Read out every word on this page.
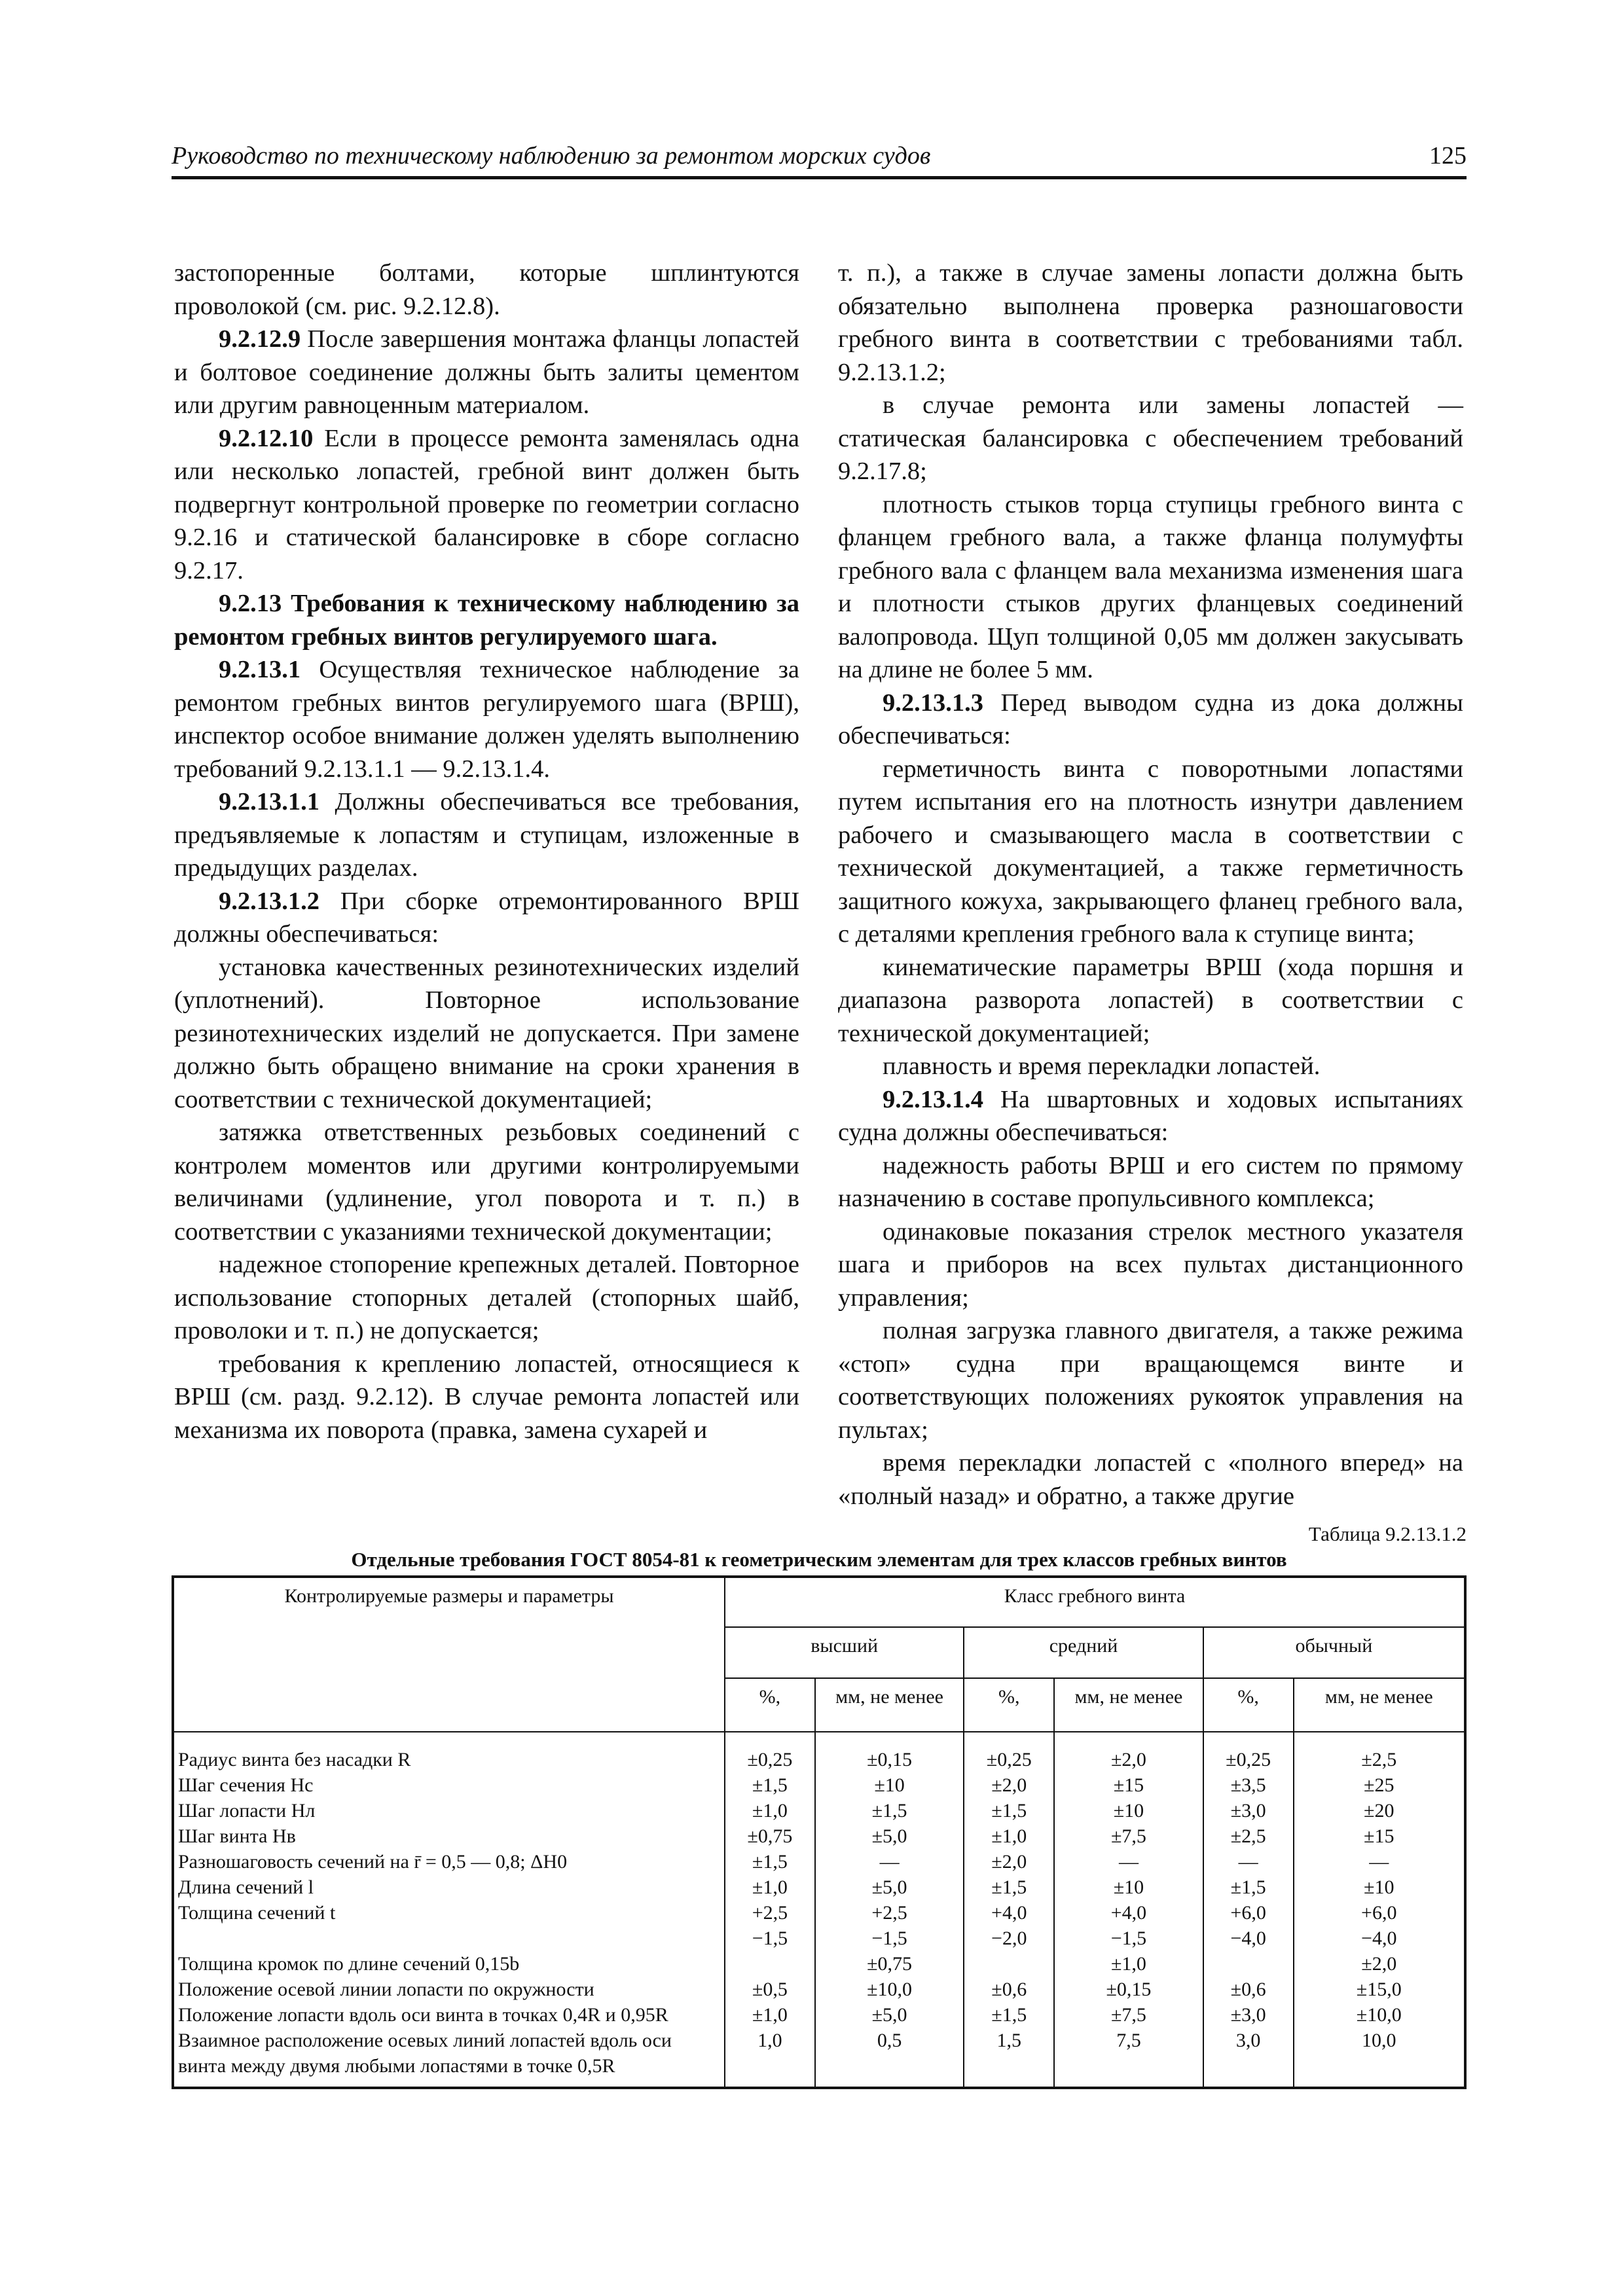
Руководство по техническому наблюдению за ремонтом морских судов	125

застопоренные болтами, которые шплинтуются проволокой (см. рис. 9.2.12.8).

9.2.12.9 После завершения монтажа фланцы лопастей и болтовое соединение должны быть залиты цементом или другим равноценным материалом.

9.2.12.10 Если в процессе ремонта заменялась одна или несколько лопастей, гребной винт должен быть подвергнут контрольной проверке по геометрии согласно 9.2.16 и статической балансировке в сборе согласно 9.2.17.

9.2.13 Требования к техническому наблюдению за ремонтом гребных винтов регулируемого шага.

9.2.13.1 Осуществляя техническое наблюдение за ремонтом гребных винтов регулируемого шага (ВРШ), инспектор особое внимание должен уделять выполнению требований 9.2.13.1.1 — 9.2.13.1.4.

9.2.13.1.1 Должны обеспечиваться все требования, предъявляемые к лопастям и ступицам, изложенные в предыдущих разделах.

9.2.13.1.2 При сборке отремонтированного ВРШ должны обеспечиваться:

установка качественных резинотехнических изделий (уплотнений). Повторное использование резинотехнических изделий не допускается. При замене должно быть обращено внимание на сроки хранения в соответствии с технической документацией;

затяжка ответственных резьбовых соединений с контролем моментов или другими контролируемыми величинами (удлинение, угол поворота и т. п.) в соответствии с указаниями технической документации;

надежное стопорение крепежных деталей. Повторное использование стопорных деталей (стопорных шайб, проволоки и т. п.) не допускается;

требования к креплению лопастей, относящиеся к ВРШ (см. разд. 9.2.12). В случае ремонта лопастей или механизма их поворота (правка, замена сухарей и

т. п.), а также в случае замены лопасти должна быть обязательно выполнена проверка разношаговости гребного винта в соответствии с требованиями табл. 9.2.13.1.2;

в случае ремонта или замены лопастей — статическая балансировка с обеспечением требований 9.2.17.8;

плотность стыков торца ступицы гребного винта с фланцем гребного вала, а также фланца полумуфты гребного вала с фланцем вала механизма изменения шага и плотности стыков других фланцевых соединений валопровода. Щуп толщиной 0,05 мм должен закусывать на длине не более 5 мм.

9.2.13.1.3 Перед выводом судна из дока должны обеспечиваться:

герметичность винта с поворотными лопастями путем испытания его на плотность изнутри давлением рабочего и смазывающего масла в соответствии с технической документацией, а также герметичность защитного кожуха, закрывающего фланец гребного вала, с деталями крепления гребного вала к ступице винта;

кинематические параметры ВРШ (хода поршня и диапазона разворота лопастей) в соответствии с технической документацией;

плавность и время перекладки лопастей.

9.2.13.1.4 На швартовных и ходовых испытаниях судна должны обеспечиваться:

надежность работы ВРШ и его систем по прямому назначению в составе пропульсивного комплекса;

одинаковые показания стрелок местного указателя шага и приборов на всех пультах дистанционного управления;

полная загрузка главного двигателя, а также режима «стоп» судна при вращающемся винте и соответствующих положениях рукояток управления на пультах;

время перекладки лопастей с «полного вперед» на «полный назад» и обратно, а также другие

Таблица 9.2.13.1.2
Отдельные требования ГОСТ 8054-81 к геометрическим элементам для трех классов гребных винтов
Контролируемые размеры и параметры	Класс гребного винта					
	высший		средний		обычный	
	%,	мм, не менее	%,	мм, не менее	%,	мм, не менее
Радиус винта без насадки R	±0,25	±0,15	±0,25	±2,0	±0,25	±2,5
Шаг сечения Hс	±1,5	±10	±2,0	±15	±3,5	±25
Шаг лопасти Hл	±1,0	±1,5	±1,5	±10	±3,0	±20
Шаг винта Hв	±0,75	±5,0	±1,0	±7,5	±2,5	±15
Разношаговость сечений на r̄ = 0,5 — 0,8; ΔH0	±1,5	—	±2,0	—	—	—
Длина сечений l	±1,0	±5,0	±1,5	±10	±1,5	±10
Толщина сечений t	+2,5	+2,5	+4,0	+4,0	+6,0	+6,0
	−1,5	−1,5	−2,0	−1,5	−4,0	−4,0
Толщина кромок по длине сечений 0,15b		±0,75		±1,0		±2,0
Положение осевой линии лопасти по окружности	±0,5	±10,0	±0,6	±0,15	±0,6	±15,0
Положение лопасти вдоль оси винта в точках 0,4R и 0,95R	±1,0	±5,0	±1,5	±7,5	±3,0	±10,0
Взаимное расположение осевых линий лопастей вдоль оси винта между двумя любыми лопастями в точке 0,5R	1,0	0,5	1,5	7,5	3,0	10,0
